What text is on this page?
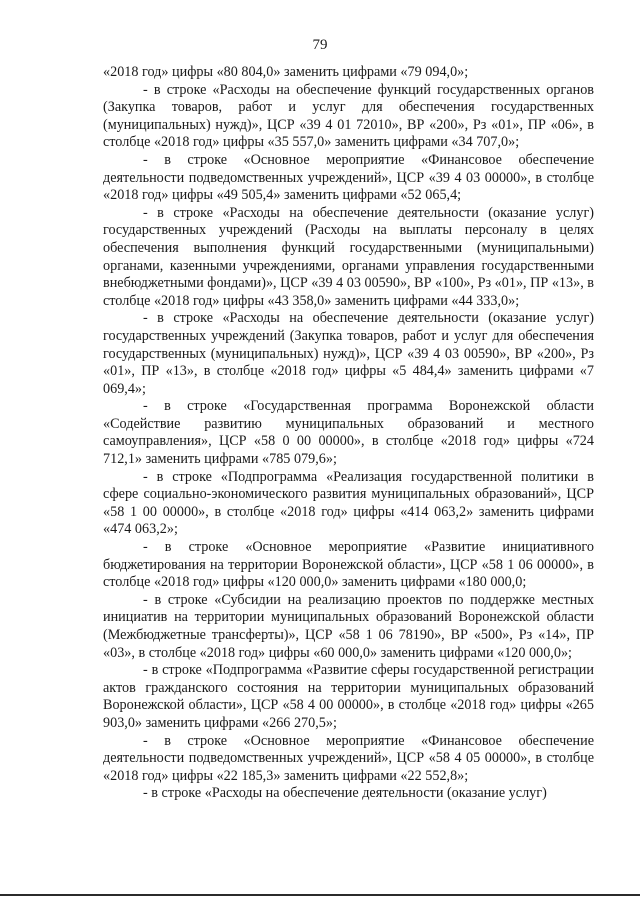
79

«2018 год» цифры «80 804,0» заменить цифрами «79 094,0»;

- в строке «Расходы на обеспечение функций государственных органов (Закупка товаров, работ и услуг для обеспечения государственных (муниципальных) нужд)», ЦСР «39 4 01 72010», ВР «200», Рз «01», ПР «06», в столбце «2018 год» цифры «35 557,0» заменить цифрами «34 707,0»;

- в строке «Основное мероприятие «Финансовое обеспечение деятельности подведомственных учреждений», ЦСР «39 4 03 00000», в столбце «2018 год» цифры «49 505,4» заменить цифрами «52 065,4;

- в строке «Расходы на обеспечение деятельности (оказание услуг) государственных учреждений (Расходы на выплаты персоналу в целях обеспечения выполнения функций государственными (муниципальными) органами, казенными учреждениями, органами управления государственными внебюджетными фондами)», ЦСР «39 4 03 00590», ВР «100», Рз «01», ПР «13», в столбце «2018 год» цифры «43 358,0» заменить цифрами «44 333,0»;

- в строке «Расходы на обеспечение деятельности (оказание услуг) государственных учреждений (Закупка товаров, работ и услуг для обеспечения государственных (муниципальных) нужд)», ЦСР «39 4 03 00590», ВР «200», Рз «01», ПР «13», в столбце «2018 год» цифры «5 484,4» заменить цифрами «7 069,4»;

- в строке «Государственная программа Воронежской области «Содействие развитию муниципальных образований и местного самоуправления», ЦСР «58 0 00 00000», в столбце «2018 год» цифры «724 712,1» заменить цифрами «785 079,6»;

- в строке «Подпрограмма «Реализация государственной политики в сфере социально-экономического развития муниципальных образований», ЦСР «58 1 00 00000», в столбце «2018 год» цифры «414 063,2» заменить цифрами «474 063,2»;

- в строке «Основное мероприятие «Развитие инициативного бюджетирования на территории Воронежской области», ЦСР «58 1 06 00000», в столбце «2018 год» цифры «120 000,0» заменить цифрами «180 000,0;

- в строке «Субсидии на реализацию проектов по поддержке местных инициатив на территории муниципальных образований Воронежской области (Межбюджетные трансферты)», ЦСР «58 1 06 78190», ВР «500», Рз «14», ПР «03», в столбце «2018 год» цифры «60 000,0» заменить цифрами «120 000,0»;

- в строке «Подпрограмма «Развитие сферы государственной регистрации актов гражданского состояния на территории муниципальных образований Воронежской области», ЦСР «58 4 00 00000», в столбце «2018 год» цифры «265 903,0» заменить цифрами «266 270,5»;

- в строке «Основное мероприятие «Финансовое обеспечение деятельности подведомственных учреждений», ЦСР «58 4 05 00000», в столбце «2018 год» цифры «22 185,3» заменить цифрами «22 552,8»;

- в строке «Расходы на обеспечение деятельности (оказание услуг)
